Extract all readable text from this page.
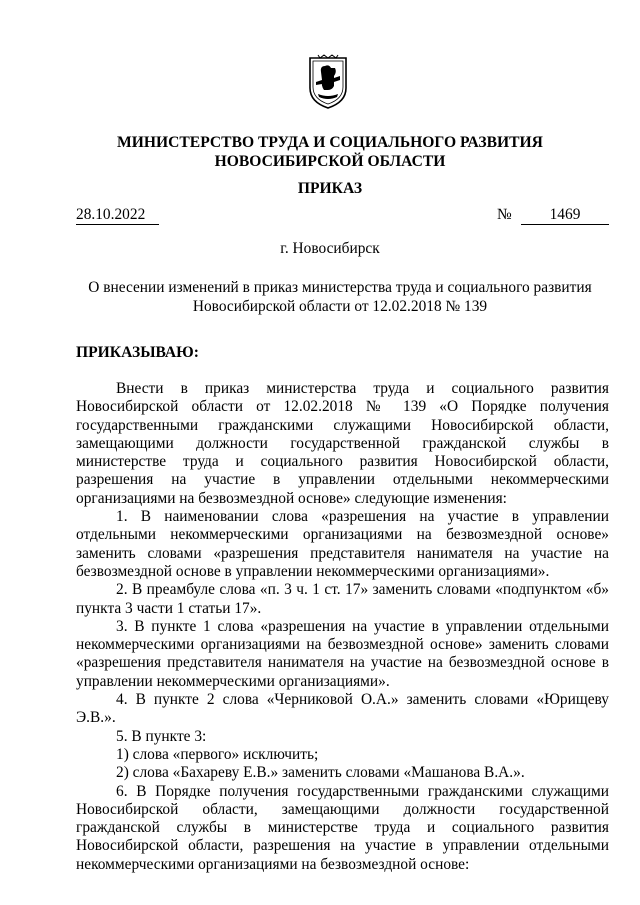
МИНИСТЕРСТВО ТРУДА И СОЦИАЛЬНОГО РАЗВИТИЯ
НОВОСИБИРСКОЙ ОБЛАСТИ
ПРИКАЗ
28.10.2022	№	1469
г. Новосибирск
О внесении изменений в приказ министерства труда и социального развития
Новосибирской области от 12.02.2018 № 139
ПРИКАЗЫВАЮ:

Внести в приказ министерства труда и социального развития Новосибирской области от 12.02.2018 № 139 «О Порядке получения государственными гражданскими служащими Новосибирской области, замещающими должности государственной гражданской службы в министерстве труда и социального развития Новосибирской области, разрешения на участие в управлении отдельными некоммерческими организациями на безвозмездной основе» следующие изменения:

1. В наименовании слова «разрешения на участие в управлении отдельными некоммерческими организациями на безвозмездной основе» заменить словами «разрешения представителя нанимателя на участие на безвозмездной основе в управлении некоммерческими организациями».

2. В преамбуле слова «п. 3 ч. 1 ст. 17» заменить словами «подпунктом «б» пункта 3 части 1 статьи 17».

3. В пункте 1 слова «разрешения на участие в управлении отдельными некоммерческими организациями на безвозмездной основе» заменить словами «разрешения представителя нанимателя на участие на безвозмездной основе в управлении некоммерческими организациями».

4. В пункте 2 слова «Черниковой О.А.» заменить словами «Юрищеву Э.В.».

5. В пункте 3:

1) слова «первого» исключить;

2) слова «Бахареву Е.В.» заменить словами «Машанова В.А.».

6. В Порядке получения государственными гражданскими служащими Новосибирской области, замещающими должности государственной гражданской службы в министерстве труда и социального развития Новосибирской области, разрешения на участие в управлении отдельными некоммерческими организациями на безвозмездной основе:
